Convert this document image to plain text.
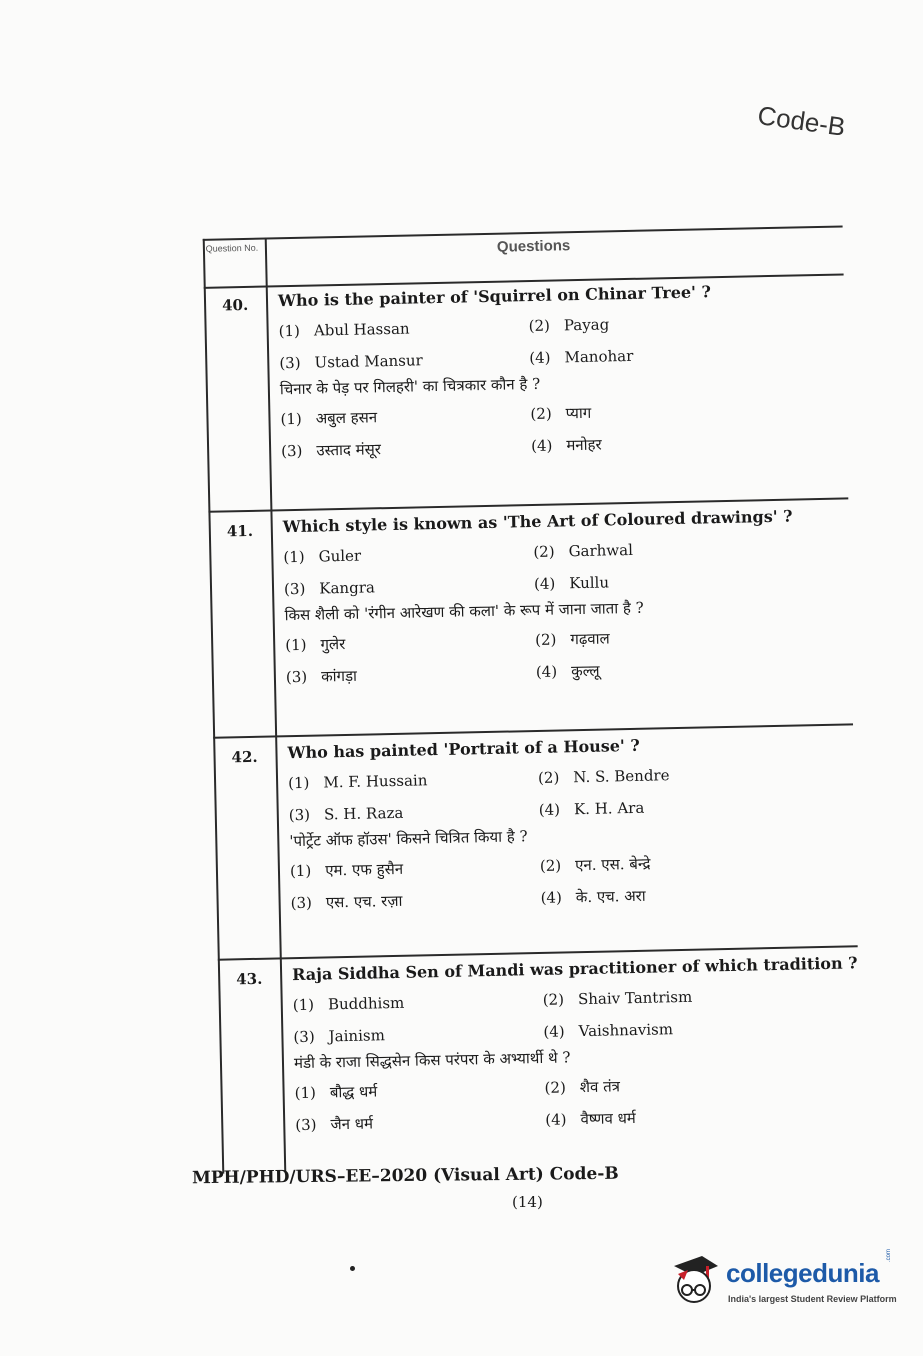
Code-B
Question No.	Questions
40.	Who is the painter of 'Squirrel on Chinar Tree' ?
(1) Abul Hassan	(2) Payag
(3) Ustad Mansur	(4) Manohar
चिनार के पेड़ पर गिलहरी' का चित्रकार कौन है ?
(1) अबुल हसन	(2) प्याग
(3) उस्ताद मंसूर	(4) मनोहर
41.	Which style is known as 'The Art of Coloured drawings' ?
(1) Guler	(2) Garhwal
(3) Kangra	(4) Kullu
किस शैली को 'रंगीन आरेखण की कला' के रूप में जाना जाता है ?
(1) गुलेर	(2) गढ़वाल
(3) कांगड़ा	(4) कुल्लू
42.	Who has painted 'Portrait of a House' ?
(1) M. F. Hussain	(2) N. S. Bendre
(3) S. H. Raza	(4) K. H. Ara
'पोर्ट्रेट ऑफ हॉउस' किसने चित्रित किया है ?
(1) एम. एफ हुसैन	(2) एन. एस. बेन्द्रे
(3) एस. एच. रज़ा	(4) के. एच. अरा
43.	Raja Siddha Sen of Mandi was practitioner of which tradition ?
(1) Buddhism	(2) Shaiv Tantrism
(3) Jainism	(4) Vaishnavism
मंडी के राजा सिद्धसेन किस परंपरा के अभ्यार्थी थे ?
(1) बौद्ध धर्म	(2) शैव तंत्र
(3) जैन धर्म	(4) वैष्णव धर्म
MPH/PHD/URS–EE–2020 (Visual Art) Code-B
(14)
collegedunia
.com
India's largest Student Review Platform
